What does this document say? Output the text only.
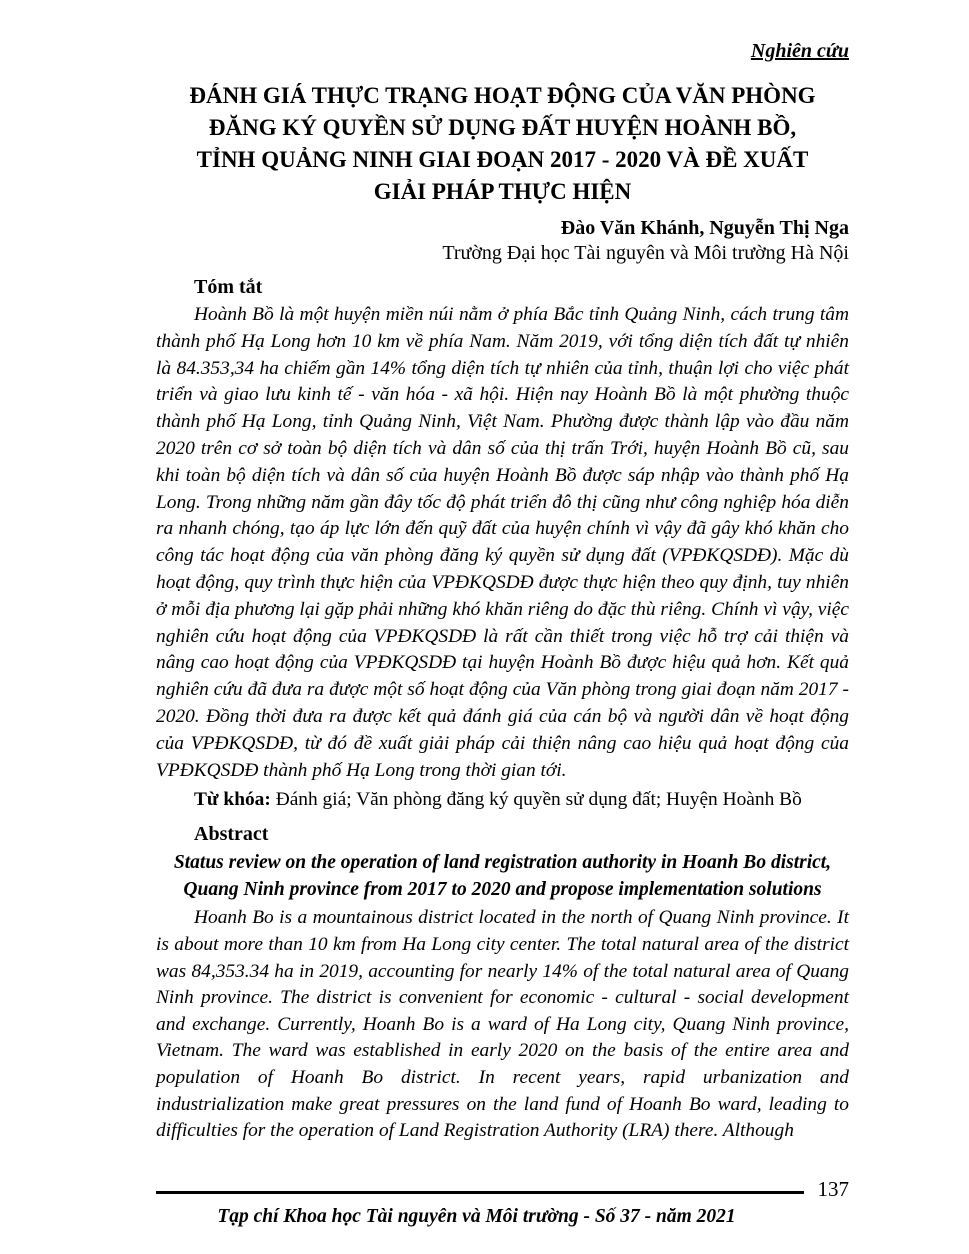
Nghiên cứu
ĐÁNH GIÁ THỰC TRẠNG HOẠT ĐỘNG CỦA VĂN PHÒNG
ĐĂNG KÝ QUYỀN SỬ DỤNG ĐẤT HUYỆN HOÀNH BỒ,
TỈNH QUẢNG NINH GIAI ĐOẠN 2017 - 2020 VÀ ĐỀ XUẤT
GIẢI PHÁP THỰC HIỆN
Đào Văn Khánh, Nguyễn Thị Nga
Trường Đại học Tài nguyên và Môi trường Hà Nội
Tóm tắt

Hoành Bồ là một huyện miền núi nằm ở phía Bắc tỉnh Quảng Ninh, cách trung tâm thành phố Hạ Long hơn 10 km về phía Nam. Năm 2019, với tổng diện tích đất tự nhiên là 84.353,34 ha chiếm gần 14% tổng diện tích tự nhiên của tỉnh, thuận lợi cho việc phát triển và giao lưu kinh tế - văn hóa - xã hội. Hiện nay Hoành Bồ là một phường thuộc thành phố Hạ Long, tỉnh Quảng Ninh, Việt Nam. Phường được thành lập vào đầu năm 2020 trên cơ sở toàn bộ diện tích và dân số của thị trấn Trới, huyện Hoành Bồ cũ, sau khi toàn bộ diện tích và dân số của huyện Hoành Bồ được sáp nhập vào thành phố Hạ Long. Trong những năm gần đây tốc độ phát triển đô thị cũng như công nghiệp hóa diễn ra nhanh chóng, tạo áp lực lớn đến quỹ đất của huyện chính vì vậy đã gây khó khăn cho công tác hoạt động của văn phòng đăng ký quyền sử dụng đất (VPĐKQSDĐ). Mặc dù hoạt động, quy trình thực hiện của VPĐKQSDĐ được thực hiện theo quy định, tuy nhiên ở mỗi địa phương lại gặp phải những khó khăn riêng do đặc thù riêng. Chính vì vậy, việc nghiên cứu hoạt động của VPĐKQSDĐ là rất cần thiết trong việc hỗ trợ cải thiện và nâng cao hoạt động của VPĐKQSDĐ tại huyện Hoành Bồ được hiệu quả hơn. Kết quả nghiên cứu đã đưa ra được một số hoạt động của Văn phòng trong giai đoạn năm 2017 - 2020. Đồng thời đưa ra được kết quả đánh giá của cán bộ và người dân về hoạt động của VPĐKQSDĐ, từ đó đề xuất giải pháp cải thiện nâng cao hiệu quả hoạt động của VPĐKQSDĐ thành phố Hạ Long trong thời gian tới.

Từ khóa: Đánh giá; Văn phòng đăng ký quyền sử dụng đất; Huyện Hoành Bồ

Abstract
Status review on the operation of land registration authority in Hoanh Bo district,
Quang Ninh province from 2017 to 2020 and propose implementation solutions

Hoanh Bo is a mountainous district located in the north of Quang Ninh province. It is about more than 10 km from Ha Long city center. The total natural area of the district was 84,353.34 ha in 2019, accounting for nearly 14% of the total natural area of Quang Ninh province. The district is convenient for economic - cultural - social development and exchange. Currently, Hoanh Bo is a ward of Ha Long city, Quang Ninh province, Vietnam. The ward was established in early 2020 on the basis of the entire area and population of Hoanh Bo district. In recent years, rapid urbanization and industrialization make great pressures on the land fund of Hoanh Bo ward, leading to difficulties for the operation of Land Registration Authority (LRA) there. Although

137
Tạp chí Khoa học Tài nguyên và Môi trường - Số 37 - năm 2021
